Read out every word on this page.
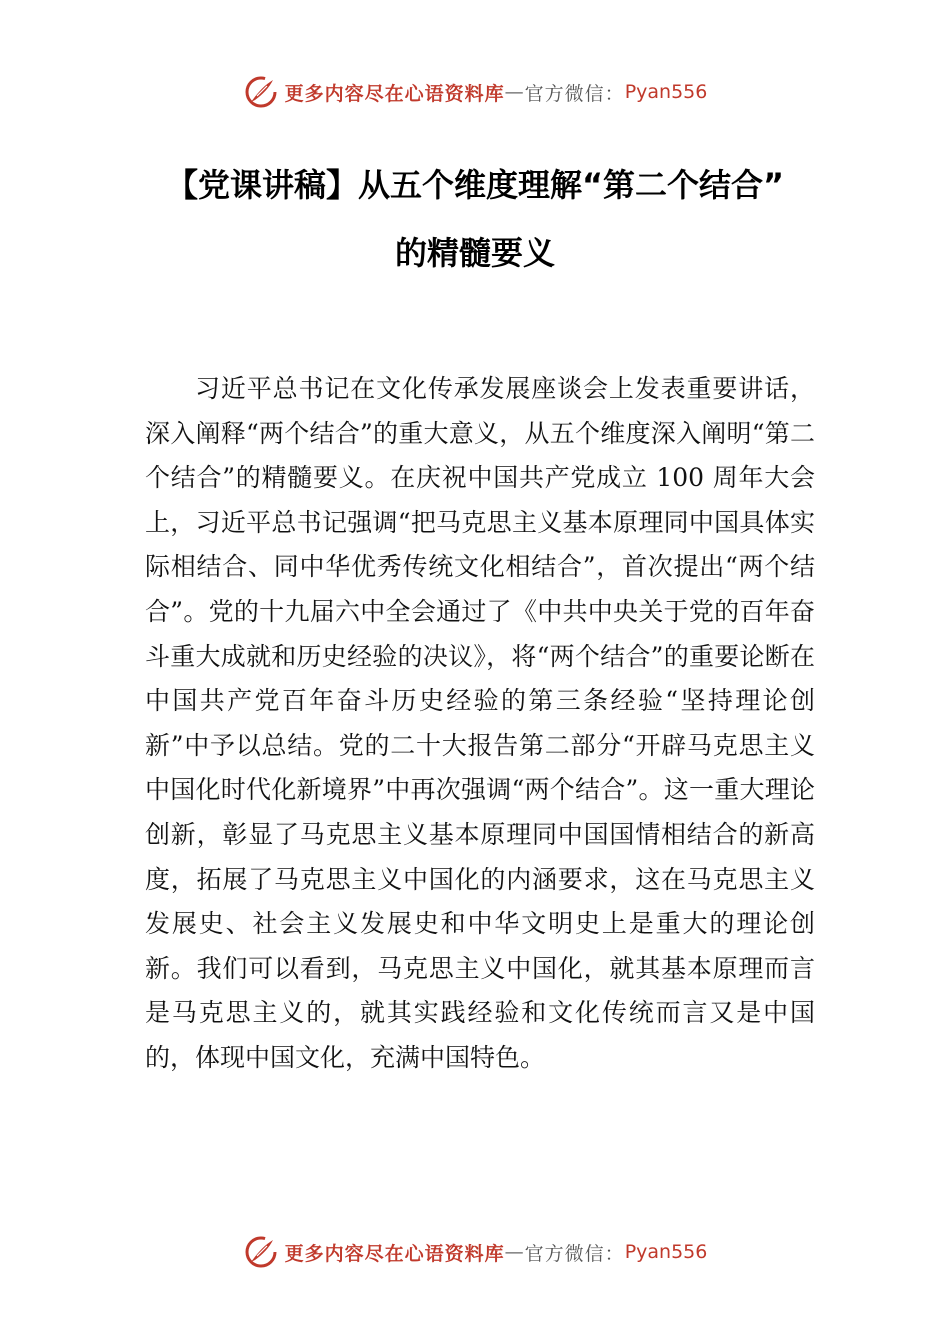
更多内容尽在心语资料库 — 官方微信： Pyan556
【党课讲稿】从五个维度理解“第二个结合”
的精髓要义

习近平总书记在文化传承发展座谈会上发表重要讲话，深入阐释“两个结合”的重大意义，从五个维度深入阐明“第二个结合”的精髓要义。在庆祝中国共产党成立 100 周年大会上，习近平总书记强调“把马克思主义基本原理同中国具体实际相结合、同中华优秀传统文化相结合”，首次提出“两个结合”。党的十九届六中全会通过了《中共中央关于党的百年奋斗重大成就和历史经验的决议》，将“两个结合”的重要论断在中国共产党百年奋斗历史经验的第三条经验“坚持理论创新”中予以总结。党的二十大报告第二部分“开辟马克思主义中国化时代化新境界”中再次强调“两个结合”。这一重大理论创新，彰显了马克思主义基本原理同中国国情相结合的新高度，拓展了马克思主义中国化的内涵要求，这在马克思主义发展史、社会主义发展史和中华文明史上是重大的理论创新。我们可以看到，马克思主义中国化，就其基本原理而言是马克思主义的，就其实践经验和文化传统而言又是中国的，体现中国文化，充满中国特色。

更多内容尽在心语资料库 — 官方微信： Pyan556
